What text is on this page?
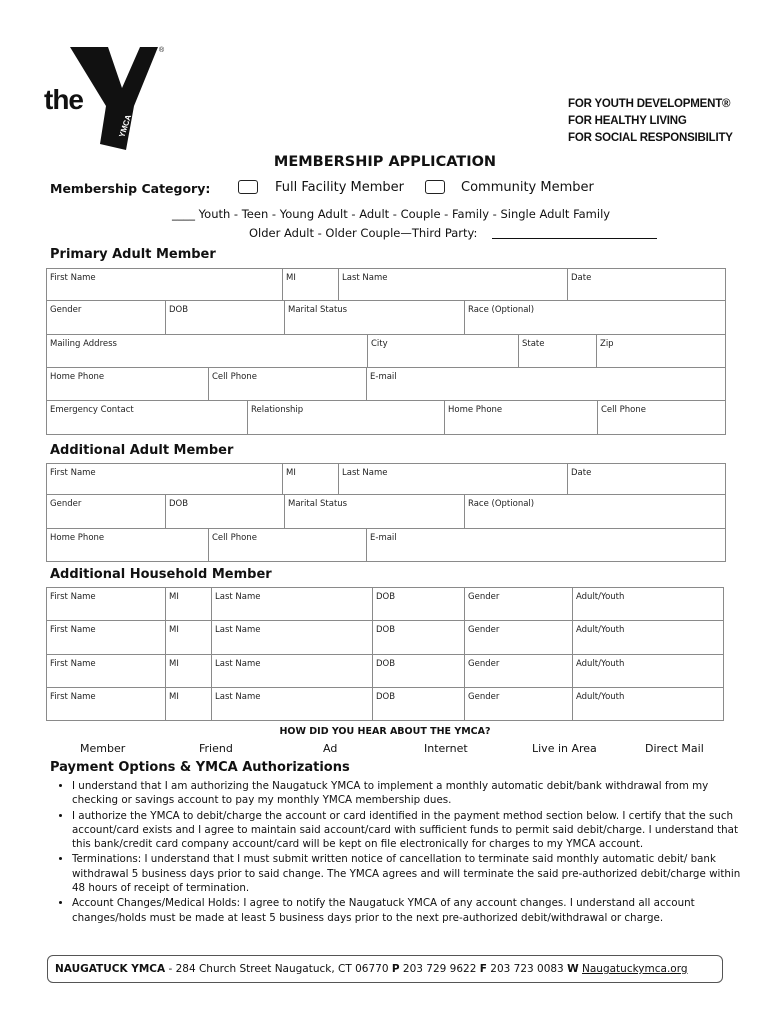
the
YMCA
®
FOR YOUTH DEVELOPMENT®
FOR HEALTHY LIVING
FOR SOCIAL RESPONSIBILITY
MEMBERSHIP APPLICATION
Membership Category:	Full Facility Member	Community Member
____ Youth - Teen - Young Adult - Adult - Couple - Family - Single Adult Family
Older Adult - Older Couple—Third Party:
Primary Adult Member
First Name	MI	Last Name	Date
Gender	DOB	Marital Status	Race (Optional)
Mailing Address	City	State	Zip
Home Phone	Cell Phone	E-mail
Emergency Contact	Relationship	Home Phone	Cell Phone
Additional Adult Member
First Name	MI	Last Name	Date
Gender	DOB	Marital Status	Race (Optional)
Home Phone	Cell Phone	E-mail
Additional Household Member
First Name	MI	Last Name	DOB	Gender	Adult/Youth
First Name	MI	Last Name	DOB	Gender	Adult/Youth
First Name	MI	Last Name	DOB	Gender	Adult/Youth
First Name	MI	Last Name	DOB	Gender	Adult/Youth
HOW DID YOU HEAR ABOUT THE YMCA?
Member	Friend	Ad	Internet	Live in Area	Direct Mail
Payment Options & YMCA Authorizations
• I understand that I am authorizing the Naugatuck YMCA to implement a monthly automatic debit/bank withdrawal from my checking or savings account to pay my monthly YMCA membership dues.
• I authorize the YMCA to debit/charge the account or card identified in the payment method section below. I certify that the such account/card exists and I agree to maintain said account/card with sufficient funds to permit said debit/charge. I understand that this bank/credit card company account/card will be kept on file electronically for charges to my YMCA account.
• Terminations: I understand that I must submit written notice of cancellation to terminate said monthly automatic debit/ bank withdrawal 5 business days prior to said change. The YMCA agrees and will terminate the said pre-authorized debit/charge within 48 hours of receipt of termination.
• Account Changes/Medical Holds: I agree to notify the Naugatuck YMCA of any account changes. I understand all account changes/holds must be made at least 5 business days prior to the next pre-authorized debit/withdrawal or charge.
NAUGATUCK YMCA - 284 Church Street Naugatuck, CT 06770 P 203 729 9622 F 203 723 0083 W Naugatuckymca.org
